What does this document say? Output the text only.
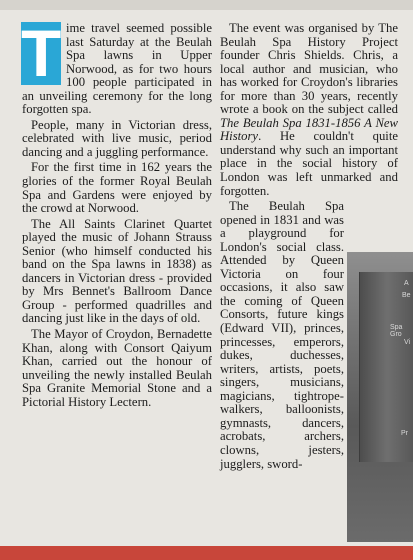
T ime travel seemed possible last Saturday at the Beulah Spa lawns in Upper Norwood, as for two hours 100 people participated in an unveiling ceremony for the long forgotten spa.

People, many in Victorian dress, celebrated with live music, period dancing and a juggling performance.

For the first time in 162 years the glories of the former Royal Beulah Spa and Gardens were enjoyed by the crowd at Norwood.

The All Saints Clarinet Quartet played the music of Johann Strauss Senior (who himself conducted his band on the Spa lawns in 1838) as dancers in Victorian dress - provided by Mrs Bennet's Ballroom Dance Group - performed quadrilles and dancing just like in the days of old.

The Mayor of Croydon, Bernadette Khan, along with Consort Qaiyum Khan, carried out the honour of unveiling the newly installed Beulah Spa Granite Memorial Stone and a Pictorial History Lectern.

The event was organised by The Beulah Spa History Project founder Chris Shields. Chris, a local author and musician, who has worked for Croydon's libraries for more than 30 years, recently wrote a book on the subject called The Beulah Spa 1831-1856 A New History. He couldn't quite understand why such an important place in the social history of London was left unmarked and forgotten.

The Beulah Spa opened in 1831 and was a playground for London's social class. Attended by Queen Victoria on four occasions, it also saw the coming of Queen Consorts, future kings (Edward VII), princes, princesses, emperors, dukes, duchesses, writers, artists, poets, singers, musicians, magicians, tightrope-walkers, balloonists, gymnasts, dancers, acrobats, archers, clowns, jesters, jugglers, sword-

A
Be
Spa Gro
Vi
Pr
